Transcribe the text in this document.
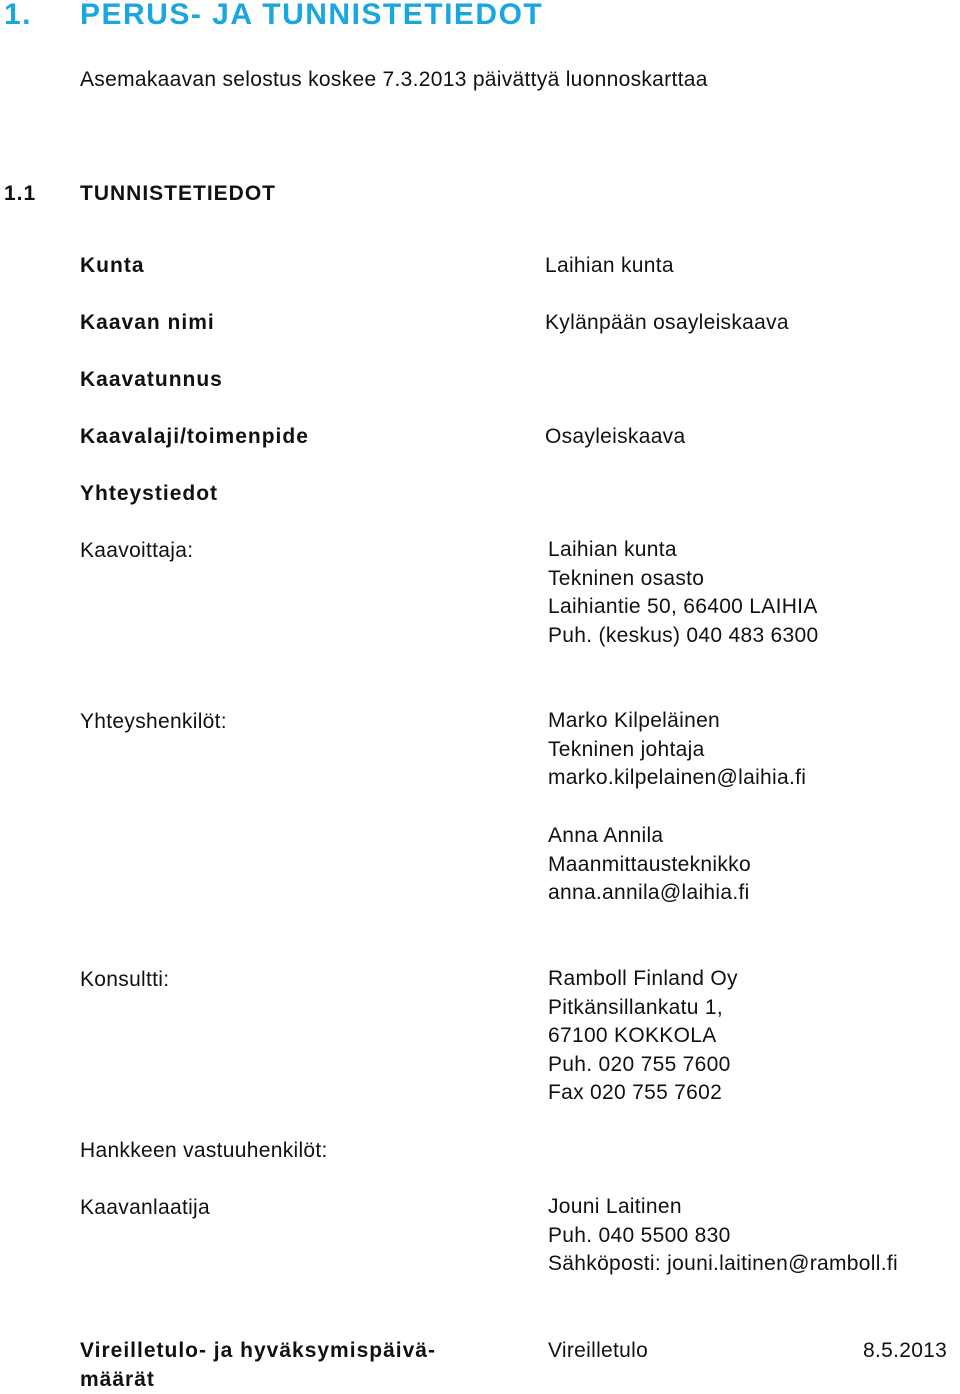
1. PERUS- JA TUNNISTETIEDOT
Asemakaavan selostus koskee 7.3.2013 päivättyä luonnoskarttaa
1.1 TUNNISTETIEDOT
Kunta	Laihian kunta
Kaavan nimi	Kylänpään osayleiskaava
Kaavatunnus
Kaavalaji/toimenpide	Osayleiskaava
Yhteystiedot
Kaavoittaja:	Laihian kunta
Tekninen osasto
Laihiantie 50, 66400 LAIHIA
Puh. (keskus) 040 483 6300
Yhteyshenkilöt:	Marko Kilpeläinen
Tekninen johtaja
marko.kilpelainen@laihia.fi
Anna Annila
Maanmittausteknikko
anna.annila@laihia.fi
Konsultti:	Ramboll Finland Oy
Pitkänsillankatu 1,
67100 KOKKOLA
Puh. 020 755 7600
Fax 020 755 7602
Hankkeen vastuuhenkilöt:
Kaavanlaatija	Jouni Laitinen
Puh. 040 5500 830
Sähköposti: jouni.laitinen@ramboll.fi
Vireilletulo- ja hyväksymispäivä-
määrät
Vireilletulo	8.5.2013
